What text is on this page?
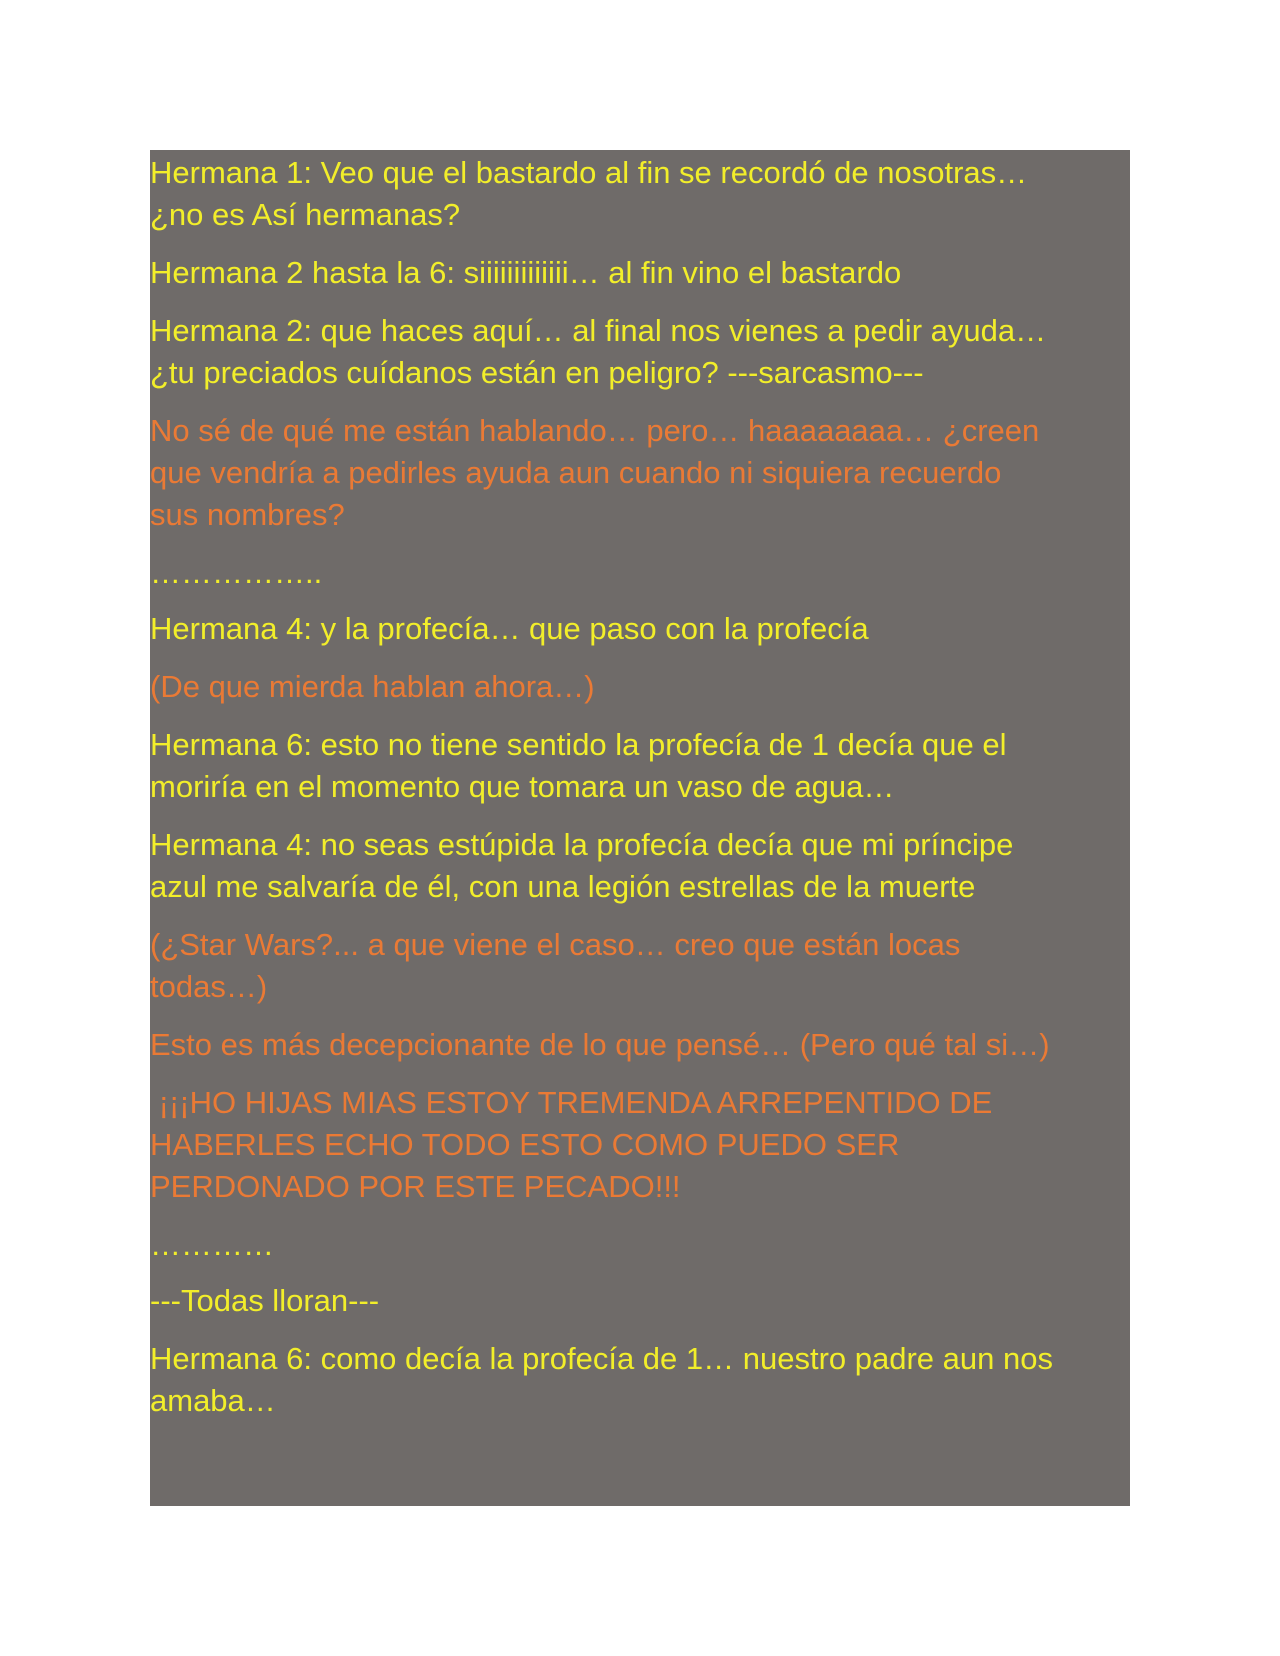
Hermana 1: Veo que el bastardo al fin se recordó de nosotras…
¿no es Así hermanas?

Hermana 2 hasta la 6: siiiiiiiiiiiii… al fin vino el bastardo

Hermana 2: que haces aquí… al final nos vienes a pedir ayuda…
¿tu preciados cuídanos están en peligro? ---sarcasmo---

No sé de qué me están hablando… pero… haaaaaaaa… ¿creen
que vendría a pedirles ayuda aun cuando ni siquiera recuerdo
sus nombres?

……………..

Hermana 4: y la profecía… que paso con la profecía

(De que mierda hablan ahora…)

Hermana 6: esto no tiene sentido la profecía de 1 decía que el
moriría en el momento que tomara un vaso de agua…

Hermana 4: no seas estúpida la profecía decía que mi príncipe
azul me salvaría de él, con una legión estrellas de la muerte

(¿Star Wars?... a que viene el caso… creo que están locas
todas…)

Esto es más decepcionante de lo que pensé… (Pero qué tal si…)

¡¡¡HO HIJAS MIAS ESTOY TREMENDA ARREPENTIDO DE
HABERLES ECHO TODO ESTO COMO PUEDO SER
PERDONADO POR ESTE PECADO!!!

…………

---Todas lloran---

Hermana 6: como decía la profecía de 1… nuestro padre aun nos
amaba…
